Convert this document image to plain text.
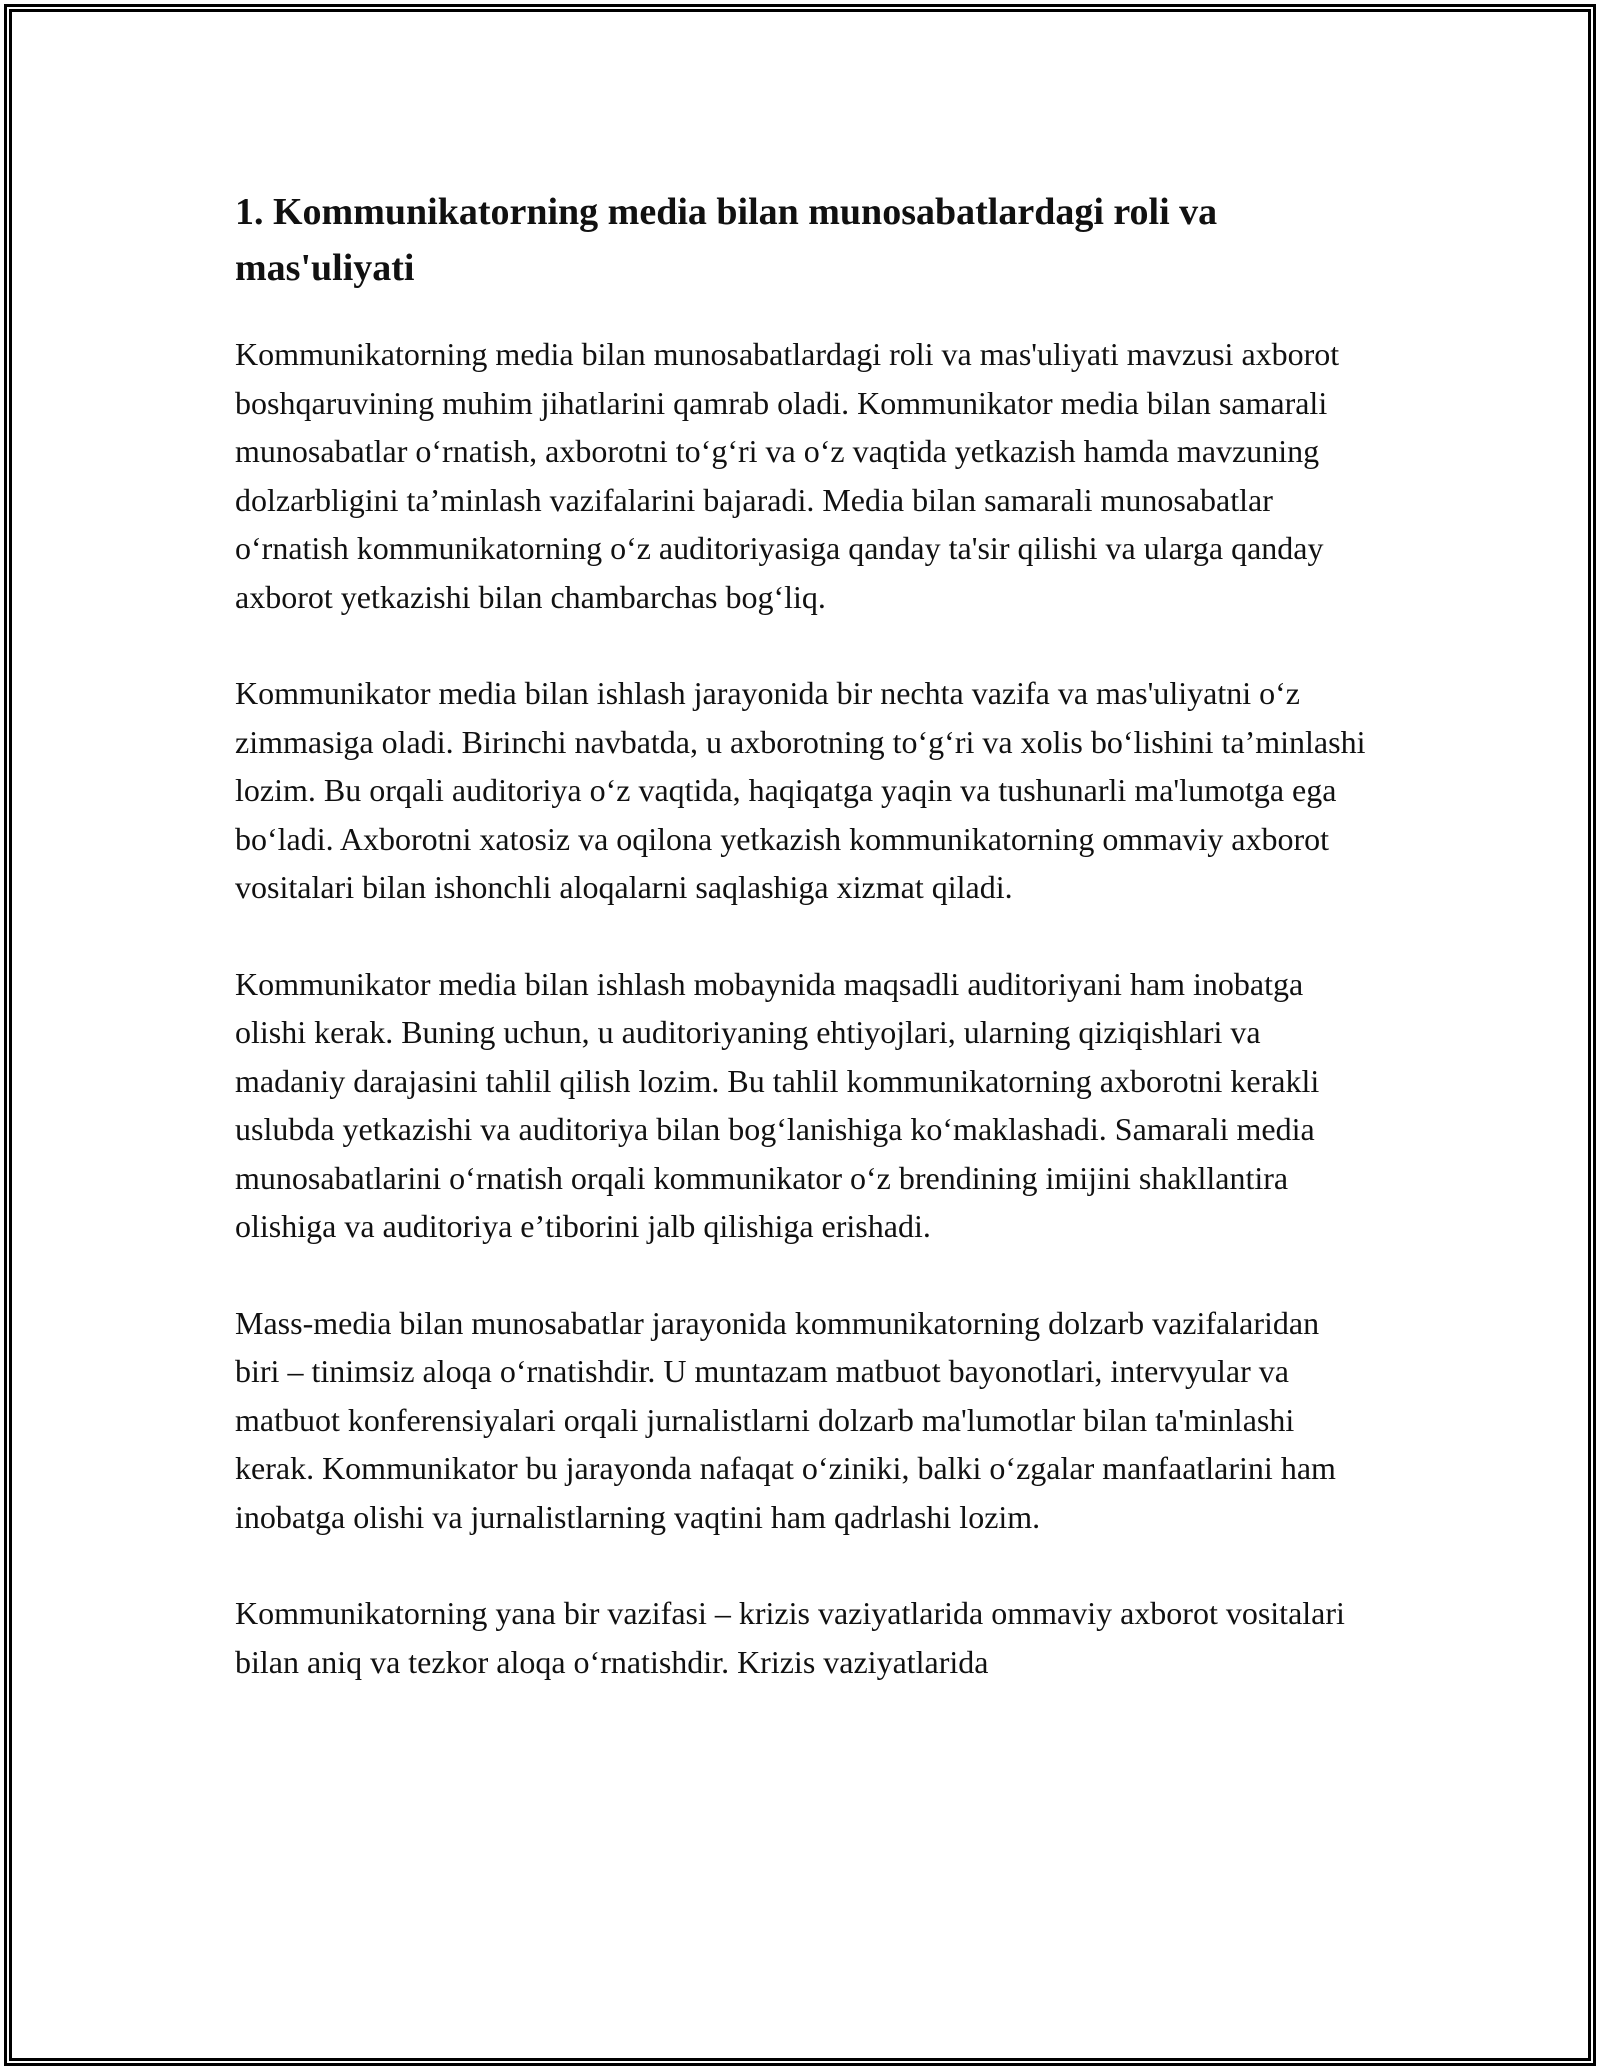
1. Kommunikatorning media bilan munosabatlardagi roli va mas'uliyati

Kommunikatorning media bilan munosabatlardagi roli va mas'uliyati mavzusi axborot boshqaruvining muhim jihatlarini qamrab oladi. Kommunikator media bilan samarali munosabatlar oʻrnatish, axborotni toʻgʻri va oʻz vaqtida yetkazish hamda mavzuning dolzarbligini taʼminlash vazifalarini bajaradi. Media bilan samarali munosabatlar oʻrnatish kommunikatorning oʻz auditoriyasiga qanday ta'sir qilishi va ularga qanday axborot yetkazishi bilan chambarchas bogʻliq.

Kommunikator media bilan ishlash jarayonida bir nechta vazifa va mas'uliyatni oʻz zimmasiga oladi. Birinchi navbatda, u axborotning toʻgʻri va xolis boʻlishini taʼminlashi lozim. Bu orqali auditoriya oʻz vaqtida, haqiqatga yaqin va tushunarli ma'lumotga ega boʻladi. Axborotni xatosiz va oqilona yetkazish kommunikatorning ommaviy axborot vositalari bilan ishonchli aloqalarni saqlashiga xizmat qiladi.

Kommunikator media bilan ishlash mobaynida maqsadli auditoriyani ham inobatga olishi kerak. Buning uchun, u auditoriyaning ehtiyojlari, ularning qiziqishlari va madaniy darajasini tahlil qilish lozim. Bu tahlil kommunikatorning axborotni kerakli uslubda yetkazishi va auditoriya bilan bogʻlanishiga koʻmaklashadi. Samarali media munosabatlarini oʻrnatish orqali kommunikator oʻz brendining imijini shakllantira olishiga va auditoriya eʼtiborini jalb qilishiga erishadi.

Mass-media bilan munosabatlar jarayonida kommunikatorning dolzarb vazifalaridan biri – tinimsiz aloqa oʻrnatishdir. U muntazam matbuot bayonotlari, intervyular va matbuot konferensiyalari orqali jurnalistlarni dolzarb ma'lumotlar bilan ta'minlashi kerak. Kommunikator bu jarayonda nafaqat oʻziniki, balki oʻzgalar manfaatlarini ham inobatga olishi va jurnalistlarning vaqtini ham qadrlashi lozim.

Kommunikatorning yana bir vazifasi – krizis vaziyatlarida ommaviy axborot vositalari bilan aniq va tezkor aloqa oʻrnatishdir. Krizis vaziyatlarida
